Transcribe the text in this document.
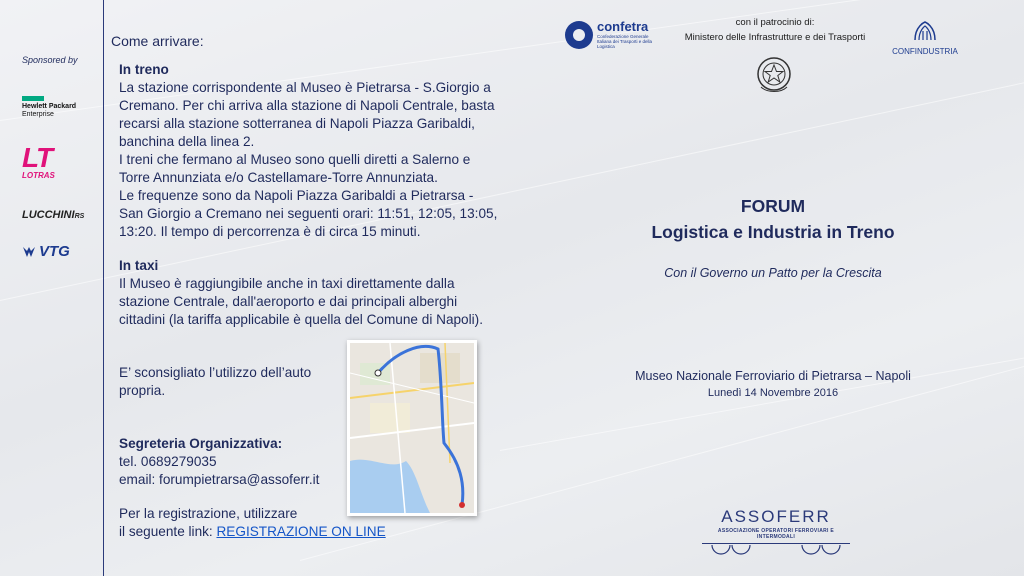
Sponsored by
Hewlett Packard
Enterprise
LT
LOTRAS
LUCCHINIRS
VTG
Come arrivare:
In treno

La stazione corrispondente al Museo è Pietrarsa - S.Giorgio a Cremano. Per chi arriva alla stazione di Napoli Centrale, basta recarsi alla stazione sotterranea di Napoli Piazza Garibaldi, banchina della linea 2.

I treni che fermano al Museo sono quelli diretti a Salerno e Torre Annunziata e/o Castellamare-Torre Annunziata.

Le frequenze sono da Napoli Piazza Garibaldi a Pietrarsa - San Giorgio a Cremano nei seguenti orari: 11:51, 12:05, 13:05, 13:20. Il tempo di percorrenza è di circa 15 minuti.

In taxi

Il Museo è raggiungibile anche in taxi direttamente dalla stazione Centrale, dall'aeroporto e dai principali alberghi cittadini (la tariffa applicabile è quella del Comune di Napoli).

E’ sconsigliato l’utilizzo dell’auto propria.
Segreteria Organizzativa:
tel. 0689279035
email: forumpietrarsa@assoferr.it
Per la registrazione, utilizzare
il seguente link: REGISTRAZIONE ON LINE
confetra
Confederazione Generale Italiana dei Trasporti e della Logistica
con il patrocinio di:
Ministero delle Infrastrutture e dei Trasporti
CONFINDUSTRIA
FORUM
Logistica e Industria in Treno
Con il Governo un Patto per la Crescita
Museo Nazionale Ferroviario di Pietrarsa – Napoli
Lunedì 14 Novembre 2016
ASSOFERR
ASSOCIAZIONE OPERATORI FERROVIARI E INTERMODALI
